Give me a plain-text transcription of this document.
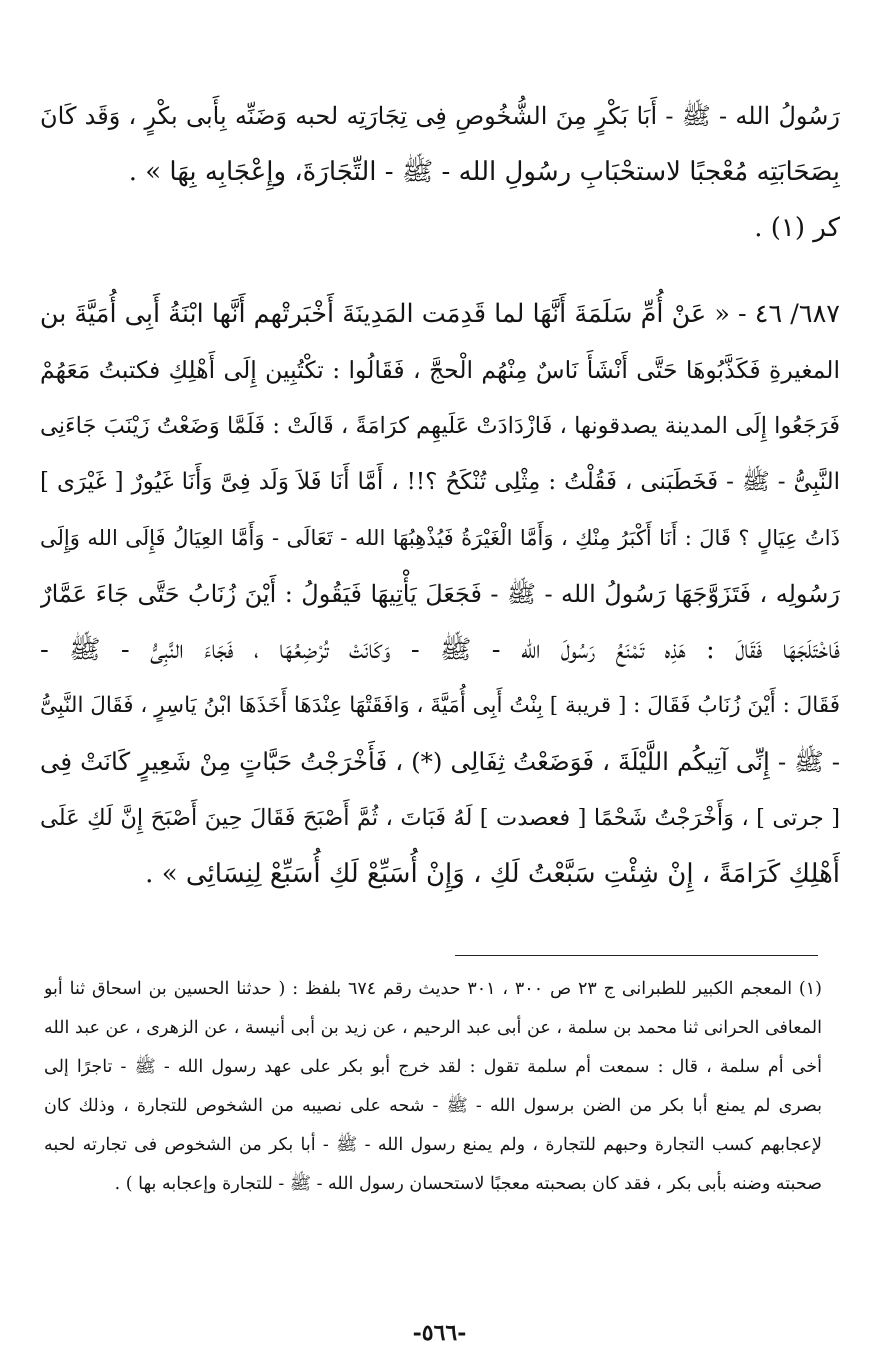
رَسُولُ الله - ﷺ - أَبَا بَكْرٍ مِنَ الشُّخُوصِ فِى تِجَارَتِه لحبه وَضَنِّه بِأَبى بكْرٍ ، وَقَد كَانَ
بِصَحَابَتِه مُعْجبًا لاستحْبَابِ رسُولِ الله - ﷺ - التِّجَارَةَ، وإِعْجَابِه بِهَا » .
كر (١) .
٦٨٧/ ٤٦ - « عَنْ أُمِّ سَلَمَةَ أَنَّهَا لما قَدِمَت المَدِينَةَ أَخْبَرتْهم أَنَّها ابْنَةُ أَبِى أُمَيَّةَ بن
المغيرةِ فَكَذَّبُوهَا حَتَّى أَنْشَأَ نَاسٌ مِنْهُم الْحجَّ ، فَقَالُوا : تكْتُبِين إِلَى أَهْلِكِ فكتبتُ مَعَهُمْ
فَرَجَعُوا إِلَى المدينة يصدقونها ، فَازْدَادَتْ عَلَيهِم كرَامَةً ، قَالَتْ : فَلَمَّا وَضَعْتُ زَيْنَبَ جَاءَنِى
النَّبِىُّ - ﷺ - فَخَطَبَنى ، فَقُلْتُ : مِثْلِى تُنْكَحُ ؟!! ، أَمَّا أَنَا فَلاَ وَلَد فِىَّ وَأَنَا غَيُورٌ [ غَيْرَى ]
ذَاتُ عِيَالٍ ؟ قَالَ : أَنَا أَكْبَرُ مِنْكِ ، وَأَمَّا الْغَيْرَةُ فَيُذْهِبُهَا الله - تَعَالَى - وَأَمَّا العِيَالُ فَإِلَى الله وَإِلَى
رَسُولِه ، فَتَزَوَّجَهَا رَسُولُ الله - ﷺ - فَجَعَلَ يَأْتِيهَا فَيَقُولُ : أَيْنَ زُنَابُ حَتَّى جَاءَ عَمَّارٌ
فَاخْتَلَجَهَا فَقَالَ : هَذِه تَمْنَعُ رَسُولَ الله - ﷺ - وَكَانَتْ تُرْضِعُهَا ، فَجَاءَ النَّبِىُّ - ﷺ -
فَقَالَ : أَيْنَ زُنَابُ فَقَالَ : [ قريبة ] بِنْتُ أَبِى أُمَيَّةَ ، وَافَقَتْهَا عِنْدَهَا أَخَذَهَا ابْنُ يَاسِرٍ ، فَقَالَ النَّبِىُّ
- ﷺ - إِنِّى آتِيكُم اللَّيْلَةَ ، فَوَضَعْتُ ثِفَالِى (*) ، فَأَخْرَجْتُ حَبَّاتٍ مِنْ شَعِيرٍ كَانَتْ فِى
[ جرتى ] ، وَأَخْرَجْتُ شَحْمًا [ فعصدت ] لَهُ فَبَاتَ ، ثُمَّ أَصْبَحَ فَقَالَ حِينَ أَصْبَحَ إِنَّ لَكِ عَلَى
أَهْلِكِ كَرَامَةً ، إِنْ شِئْتِ سَبَّعْتُ لَكِ ، وَإِنْ أُسَبِّعْ لَكِ أُسَبِّعْ لِنِسَائِى » .
(١) المعجم الكبير للطبرانى ج ٢٣ ص ٣٠٠ ، ٣٠١ حديث رقم ٦٧٤ بلفظ : ( حدثنا الحسين بن اسحاق ثنا أبو
المعافى الحرانى ثنا محمد بن سلمة ، عن أبى عبد الرحيم ، عن زيد بن أبى أنيسة ، عن الزهرى ، عن عبد الله
أخى أم سلمة ، قال : سمعت أم سلمة تقول : لقد خرج أبو بكر على عهد رسول الله - ﷺ - تاجرًا إلى
بصرى لم يمنع أبا بكر من الضن برسول الله - ﷺ - شحه على نصيبه من الشخوص للتجارة ، وذلك كان
لإعجابهم كسب التجارة وحبهم للتجارة ، ولم يمنع رسول الله - ﷺ - أبا بكر من الشخوص فى تجارته لحبه
صحبته وضنه بأبى بكر ، فقد كان بصحبته معجبًا لاستحسان رسول الله - ﷺ - للتجارة وإعجابه بها ) .
-٥٦٦-
